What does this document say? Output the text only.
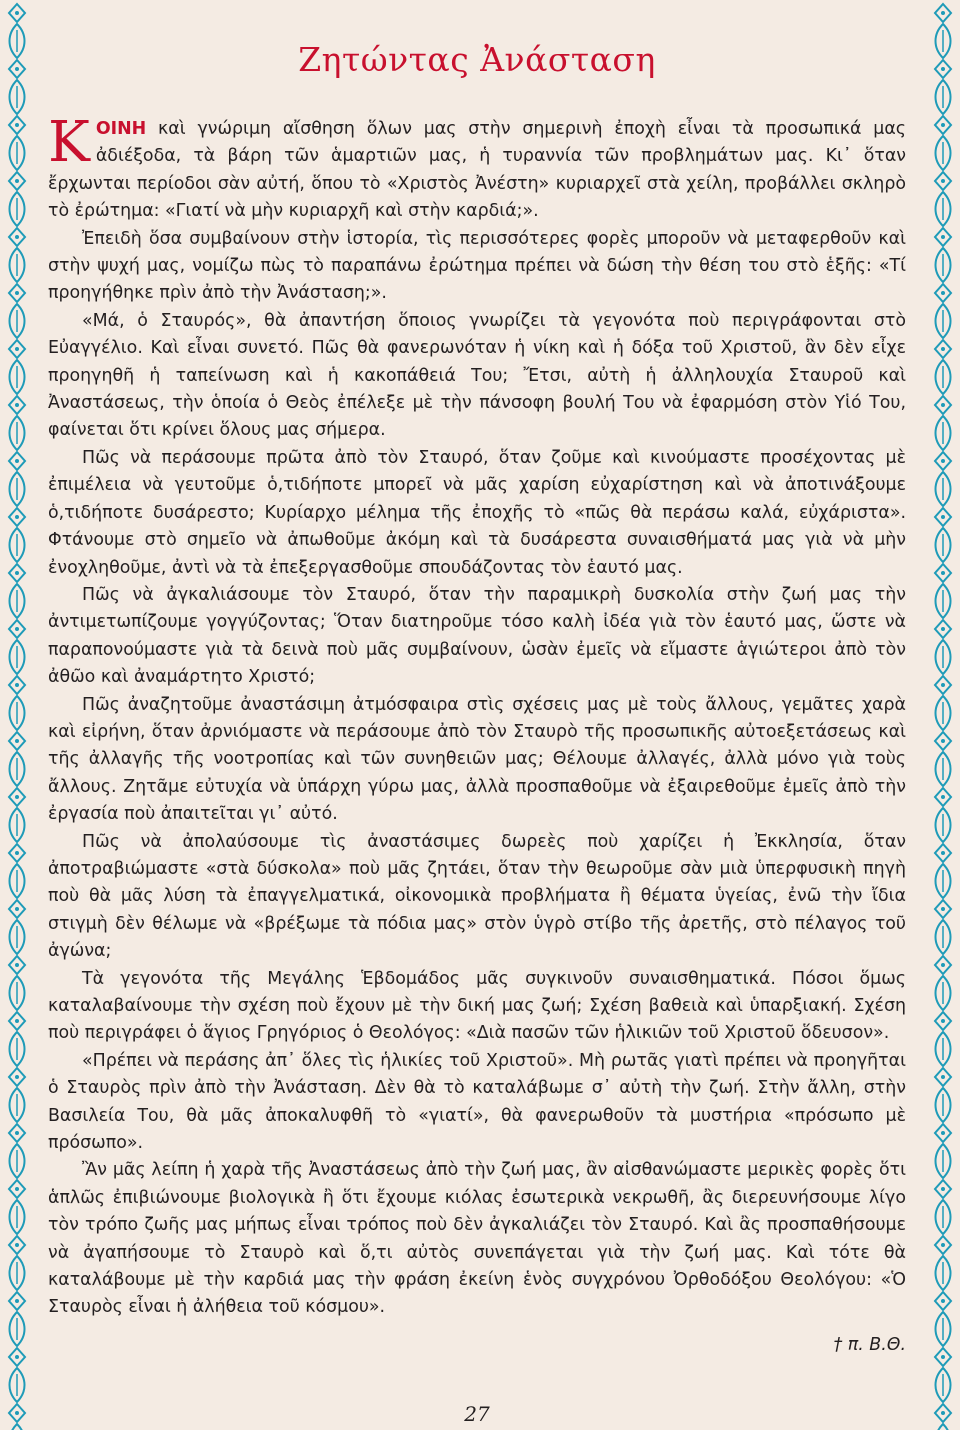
Ζητώντας Ἀνάσταση

ΚΟΙΝΗ καὶ γνώριμη αἴσθηση ὅλων μας στὴν σημερινὴ ἐποχὴ εἶναι τὰ προσωπικά μας ἀδιέξοδα, τὰ βάρη τῶν ἁμαρτιῶν μας, ἡ τυραννία τῶν προβλημάτων μας. Κι᾿ ὅταν ἔρχωνται περίοδοι σὰν αὐτή, ὅπου τὸ «Χριστὸς Ἀνέστη» κυριαρχεῖ στὰ χείλη, προβάλλει σκληρὸ τὸ ἐρώτημα: «Γιατί νὰ μὴν κυριαρχῆ καὶ στὴν καρδιά;».

Ἐπειδὴ ὅσα συμβαίνουν στὴν ἱστορία, τὶς περισσότερες φορὲς μποροῦν νὰ μεταφερθοῦν καὶ στὴν ψυχή μας, νομίζω πὼς τὸ παραπάνω ἐρώτημα πρέπει νὰ δώση τὴν θέση του στὸ ἑξῆς: «Τί προηγήθηκε πρὶν ἀπὸ τὴν Ἀνάσταση;».

«Μά, ὁ Σταυρός», θὰ ἀπαντήση ὅποιος γνωρίζει τὰ γεγονότα ποὺ περιγράφονται στὸ Εὐαγγέλιο. Καὶ εἶναι συνετό. Πῶς θὰ φανερωνόταν ἡ νίκη καὶ ἡ δόξα τοῦ Χριστοῦ, ἂν δὲν εἶχε προηγηθῆ ἡ ταπείνωση καὶ ἡ κακοπάθειά Του; Ἔτσι, αὐτὴ ἡ ἀλληλουχία Σταυροῦ καὶ Ἀναστάσεως, τὴν ὁποία ὁ Θεὸς ἐπέλεξε μὲ τὴν πάνσοφη βουλή Του νὰ ἐφαρμόση στὸν Υἱό Του, φαίνεται ὅτι κρίνει ὅλους μας σήμερα.

Πῶς νὰ περάσουμε πρῶτα ἀπὸ τὸν Σταυρό, ὅταν ζοῦμε καὶ κινούμαστε προσέχοντας μὲ ἐπιμέλεια νὰ γευτοῦμε ὁ,τιδήποτε μπορεῖ νὰ μᾶς χαρίση εὐχαρίστηση καὶ νὰ ἀποτινάξουμε ὁ,τιδήποτε δυσάρεστο; Κυρίαρχο μέλημα τῆς ἐποχῆς τὸ «πῶς θὰ περάσω καλά, εὐχάριστα». Φτάνουμε στὸ σημεῖο νὰ ἀπωθοῦμε ἀκόμη καὶ τὰ δυσάρεστα συναισθήματά μας γιὰ νὰ μὴν ἐνοχληθοῦμε, ἀντὶ νὰ τὰ ἐπεξεργασθοῦμε σπουδάζοντας τὸν ἑαυτό μας.

Πῶς νὰ ἀγκαλιάσουμε τὸν Σταυρό, ὅταν τὴν παραμικρὴ δυσκολία στὴν ζωή μας τὴν ἀντιμετωπίζουμε γογγύζοντας; Ὅταν διατηροῦμε τόσο καλὴ ἰδέα γιὰ τὸν ἑαυτό μας, ὥστε νὰ παραπονούμαστε γιὰ τὰ δεινὰ ποὺ μᾶς συμβαίνουν, ὡσὰν ἐμεῖς νὰ εἴμαστε ἁγιώτεροι ἀπὸ τὸν ἀθῶο καὶ ἀναμάρτητο Χριστό;

Πῶς ἀναζητοῦμε ἀναστάσιμη ἀτμόσφαιρα στὶς σχέσεις μας μὲ τοὺς ἄλλους, γεμᾶτες χαρὰ καὶ εἰρήνη, ὅταν ἀρνιόμαστε νὰ περάσουμε ἀπὸ τὸν Σταυρὸ τῆς προσωπικῆς αὐτοεξετάσεως καὶ τῆς ἀλλαγῆς τῆς νοοτροπίας καὶ τῶν συνηθειῶν μας; Θέλουμε ἀλλαγές, ἀλλὰ μόνο γιὰ τοὺς ἄλλους. Ζητᾶμε εὐτυχία νὰ ὑπάρχη γύρω μας, ἀλλὰ προσπαθοῦμε νὰ ἐξαιρεθοῦμε ἐμεῖς ἀπὸ τὴν ἐργασία ποὺ ἀπαιτεῖται γι᾿ αὐτό.

Πῶς νὰ ἀπολαύσουμε τὶς ἀναστάσιμες δωρεὲς ποὺ χαρίζει ἡ Ἐκκλησία, ὅταν ἀποτραβιώμαστε «στὰ δύσκολα» ποὺ μᾶς ζητάει, ὅταν τὴν θεωροῦμε σὰν μιὰ ὑπερφυσικὴ πηγὴ ποὺ θὰ μᾶς λύση τὰ ἐπαγγελματικά, οἰκονομικὰ προβλήματα ἢ θέματα ὑγείας, ἐνῶ τὴν ἴδια στιγμὴ δὲν θέλωμε νὰ «βρέξωμε τὰ πόδια μας» στὸν ὑγρὸ στίβο τῆς ἀρετῆς, στὸ πέλαγος τοῦ ἀγώνα;

Τὰ γεγονότα τῆς Μεγάλης Ἑβδομάδος μᾶς συγκινοῦν συναισθηματικά. Πόσοι ὅμως καταλαβαίνουμε τὴν σχέση ποὺ ἔχουν μὲ τὴν δική μας ζωή; Σχέση βαθειὰ καὶ ὑπαρξιακή. Σχέση ποὺ περιγράφει ὁ ἅγιος Γρηγόριος ὁ Θεολόγος: «Διὰ πασῶν τῶν ἡλικιῶν τοῦ Χριστοῦ ὅδευσον».

«Πρέπει νὰ περάσης ἀπ᾿ ὅλες τὶς ἡλικίες τοῦ Χριστοῦ». Μὴ ρωτᾶς γιατὶ πρέπει νὰ προηγῆται ὁ Σταυρὸς πρὶν ἀπὸ τὴν Ἀνάσταση. Δὲν θὰ τὸ καταλάβωμε σ᾿ αὐτὴ τὴν ζωή. Στὴν ἄλλη, στὴν Βασιλεία Του, θὰ μᾶς ἀποκαλυφθῆ τὸ «γιατί», θὰ φανερωθοῦν τὰ μυστήρια «πρόσωπο μὲ πρόσωπο».

Ἂν μᾶς λείπη ἡ χαρὰ τῆς Ἀναστάσεως ἀπὸ τὴν ζωή μας, ἂν αἰσθανώμαστε μερικὲς φορὲς ὅτι ἁπλῶς ἐπιβιώνουμε βιολογικὰ ἢ ὅτι ἔχουμε κιόλας ἐσωτερικὰ νεκρωθῆ, ἂς διερευνήσουμε λίγο τὸν τρόπο ζωῆς μας μήπως εἶναι τρόπος ποὺ δὲν ἀγκαλιάζει τὸν Σταυρό. Καὶ ἂς προσπαθήσουμε νὰ ἀγαπήσουμε τὸ Σταυρὸ καὶ ὅ,τι αὐτὸς συνεπάγεται γιὰ τὴν ζωή μας. Καὶ τότε θὰ καταλάβουμε μὲ τὴν καρδιά μας τὴν φράση ἐκείνη ἑνὸς συγχρόνου Ὀρθοδόξου Θεολόγου: «Ὁ Σταυρὸς εἶναι ἡ ἀλήθεια τοῦ κόσμου».

† π. Β.Θ.
27
